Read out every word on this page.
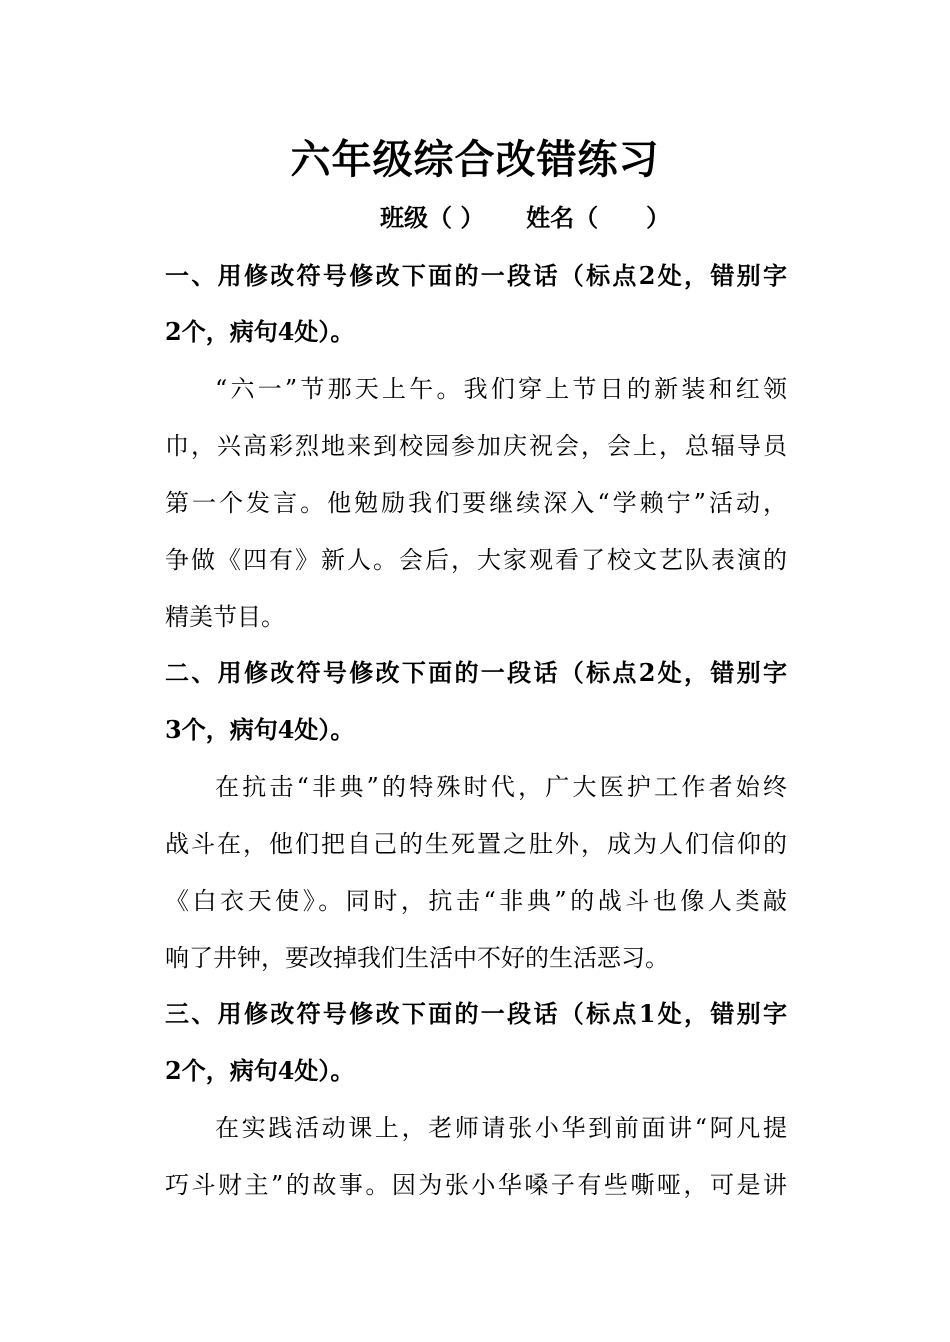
六年级综合改错练习
班级（ ） 姓名（　　）
一、用修改符号修改下面的一段话（标点2处，错别字
2个，病句4处）。
“六一”节那天上午。我们穿上节日的新装和红领
巾，兴高彩烈地来到校园参加庆祝会，会上，总辐导员
第一个发言。他勉励我们要继续深入“学赖宁”活动，
争做《四有》新人。会后，大家观看了校文艺队表演的
精美节目。
二、用修改符号修改下面的一段话（标点2处，错别字
3个，病句4处）。
在抗击“非典”的特殊时代，广大医护工作者始终
战斗在，他们把自己的生死置之肚外，成为人们信仰的
《白衣天使》。同时，抗击“非典”的战斗也像人类敲
响了井钟，要改掉我们生活中不好的生活恶习。
三、用修改符号修改下面的一段话（标点1处，错别字
2个，病句4处）。
在实践活动课上，老师请张小华到前面讲“阿凡提
巧斗财主”的故事。因为张小华嗓子有些嘶哑，可是讲
